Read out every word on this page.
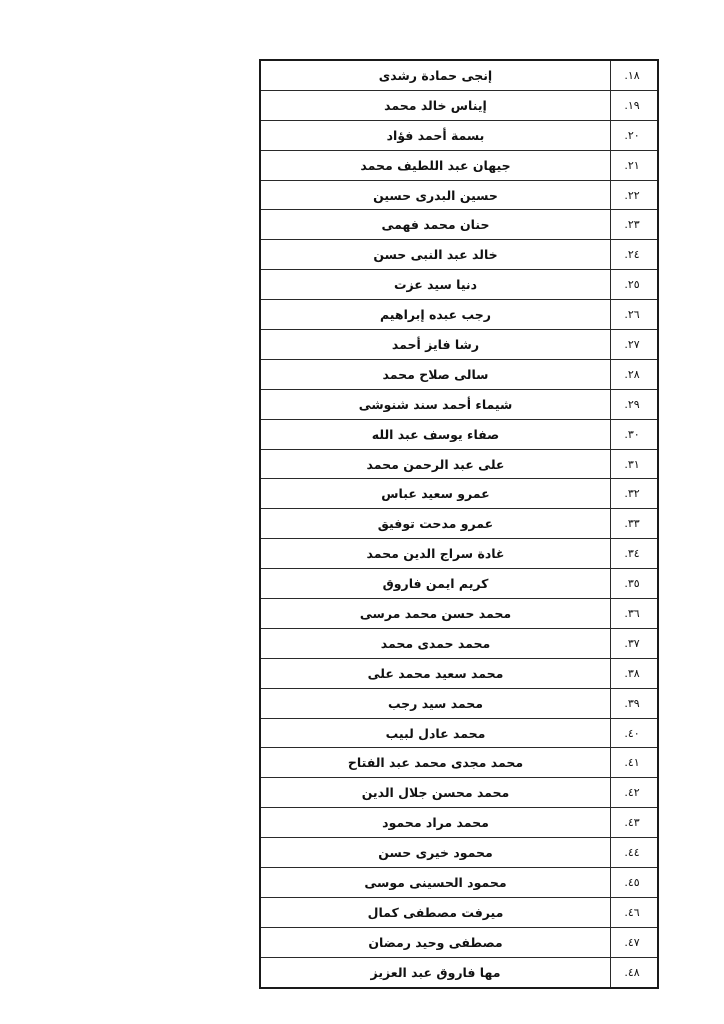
١٨.	إنجى حمادة رشدى
١٩.	إيناس خالد محمد
٢٠.	بسمة أحمد فؤاد
٢١.	جيهان عبد اللطيف محمد
٢٢.	حسين البدرى حسين
٢٣.	حنان محمد فهمى
٢٤.	خالد عبد النبى حسن
٢٥.	دنيا سيد عزت
٢٦.	رجب عبده إبراهيم
٢٧.	رشا فايز أحمد
٢٨.	سالى صلاح محمد
٢٩.	شيماء أحمد سند شنوشى
٣٠.	صفاء يوسف عبد الله
٣١.	على عبد الرحمن محمد
٣٢.	عمرو سعيد عباس
٣٣.	عمرو مدحت توفيق
٣٤.	غادة سراج الدين محمد
٣٥.	كريم ايمن فاروق
٣٦.	محمد حسن محمد مرسى
٣٧.	محمد حمدى محمد
٣٨.	محمد سعيد محمد على
٣٩.	محمد سيد رجب
٤٠.	محمد عادل لبيب
٤١.	محمد مجدى محمد عبد الفتاح
٤٢.	محمد محسن جلال الدين
٤٣.	محمد مراد محمود
٤٤.	محمود خيرى حسن
٤٥.	محمود الحسينى موسى
٤٦.	ميرفت مصطفى كمال
٤٧.	مصطفى وحيد رمضان
٤٨.	مها فاروق عبد العزيز
